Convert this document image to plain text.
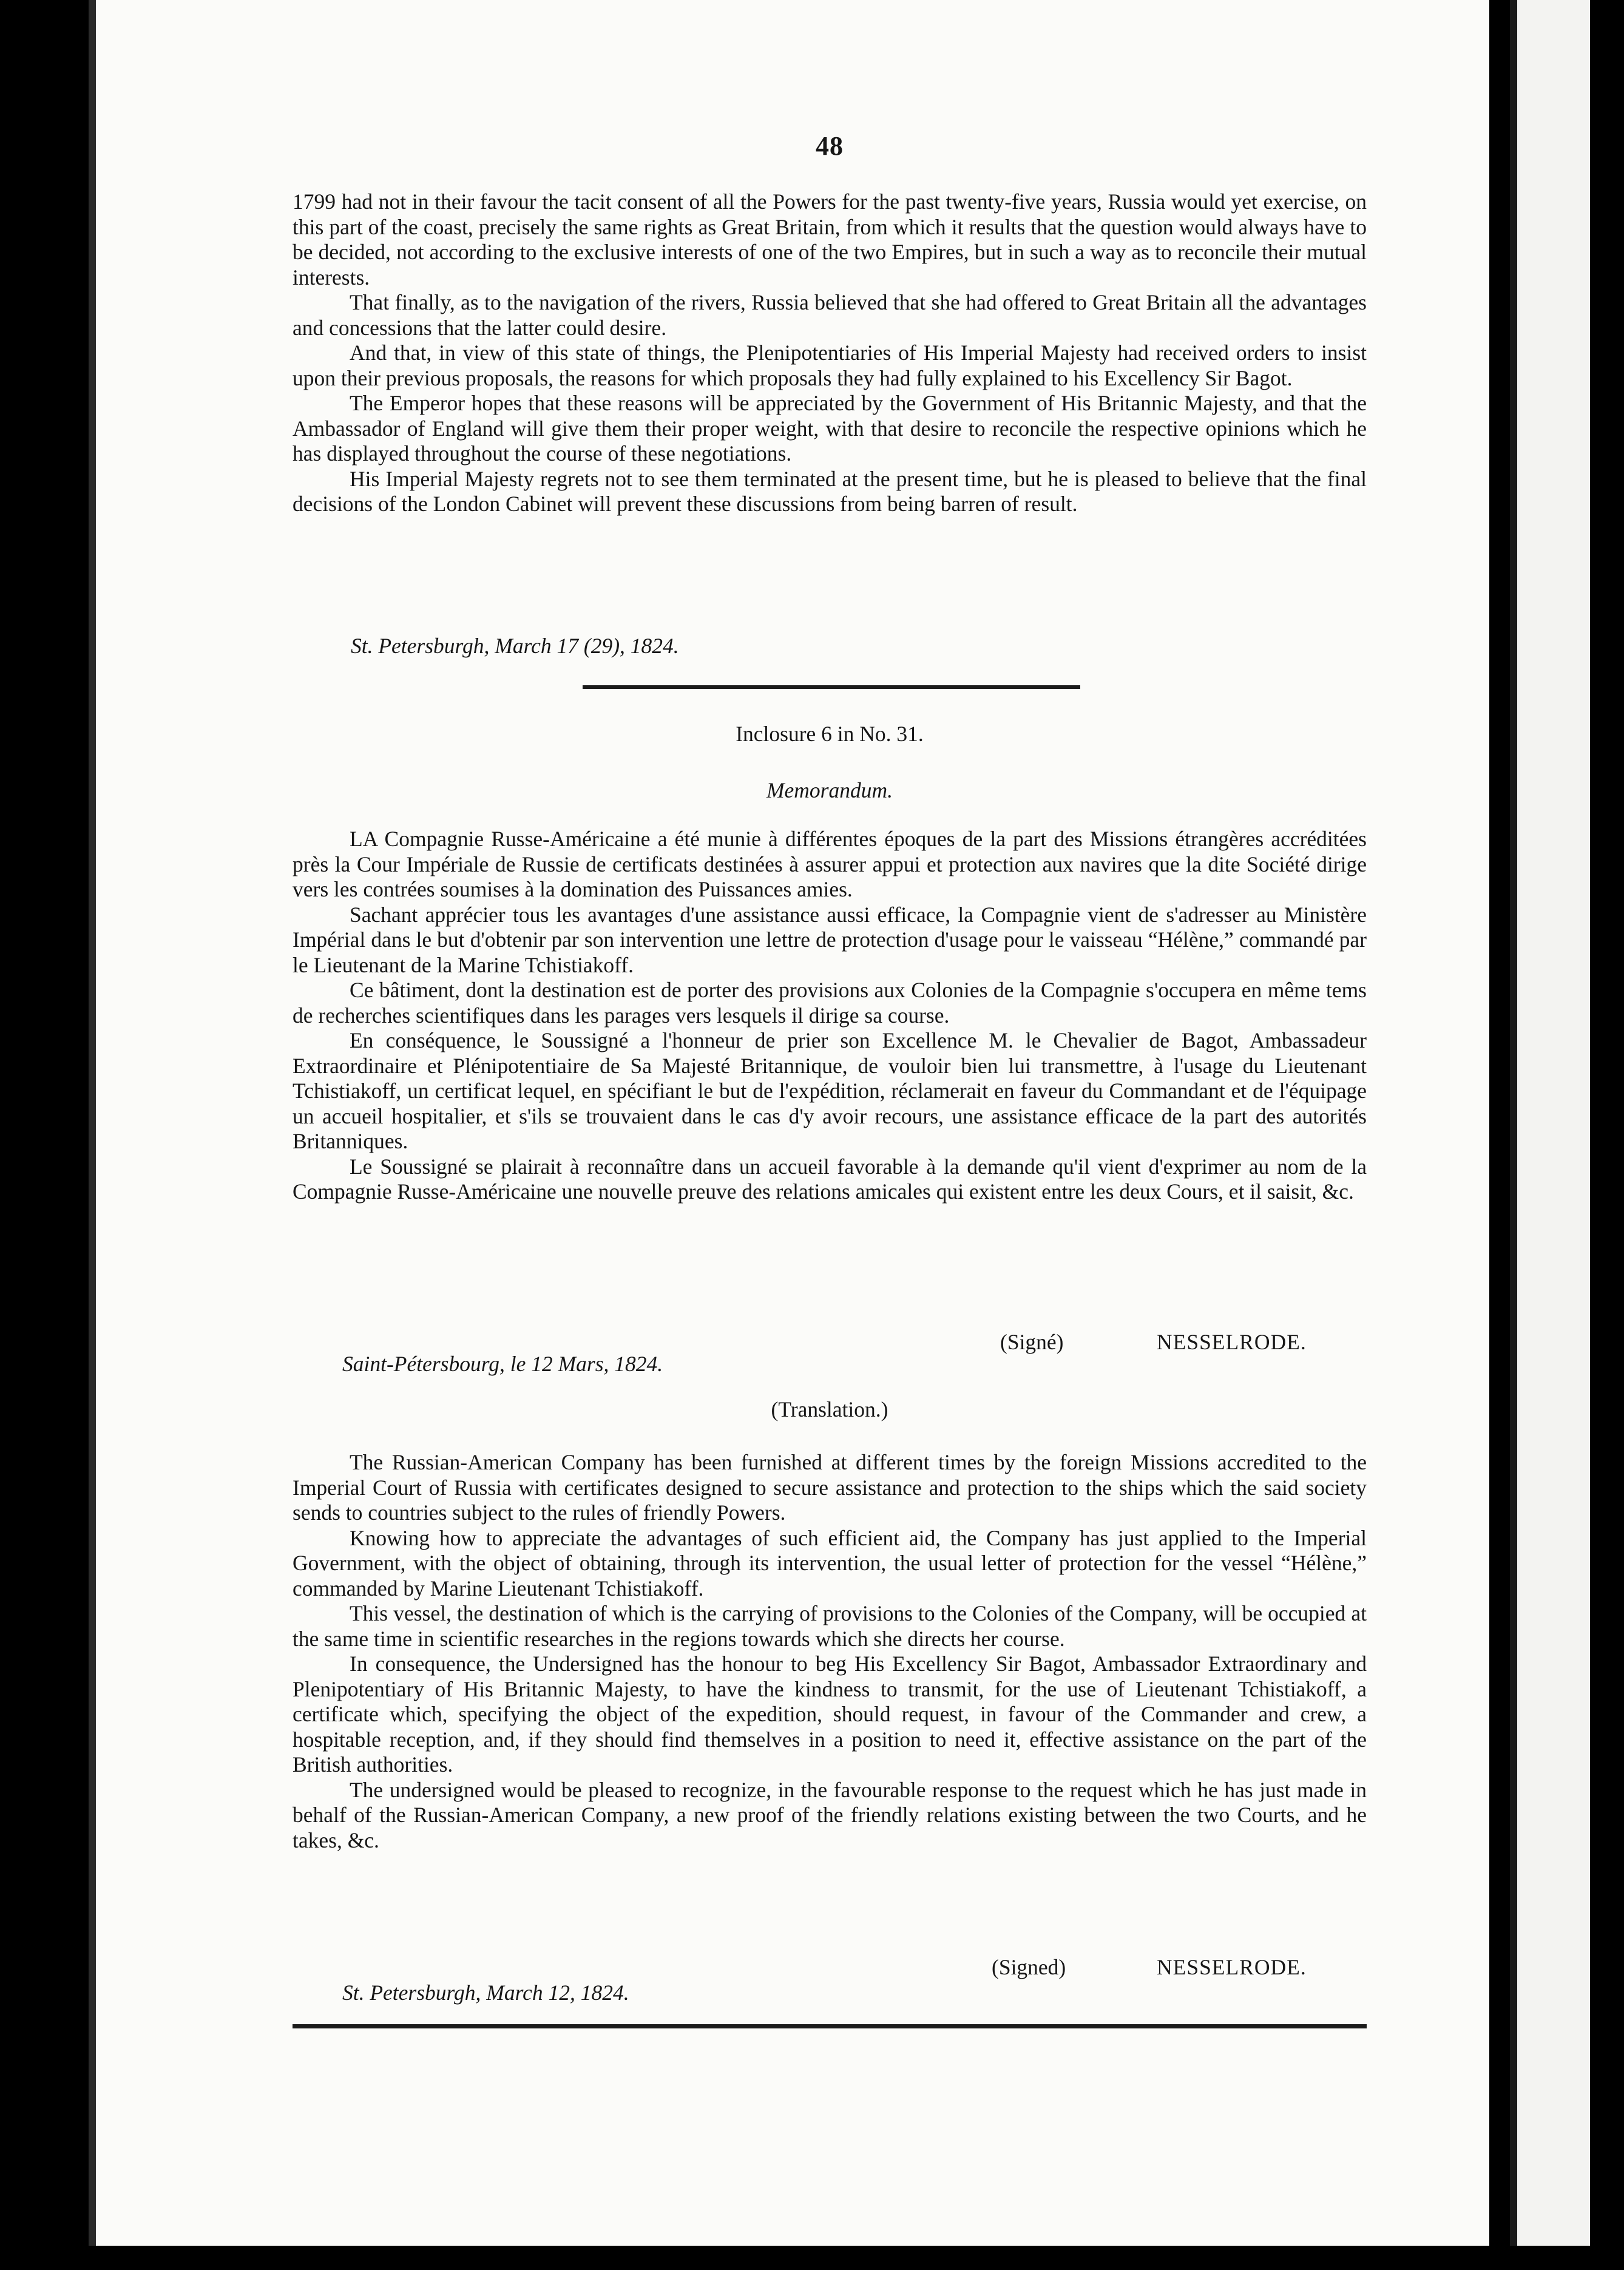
48

1799 had not in their favour the tacit consent of all the Powers for the past twenty-five years, Russia would yet exercise, on this part of the coast, precisely the same rights as Great Britain, from which it results that the question would always have to be decided, not according to the exclusive interests of one of the two Empires, but in such a way as to reconcile their mutual interests.

That finally, as to the navigation of the rivers, Russia believed that she had offered to Great Britain all the advantages and concessions that the latter could desire.

And that, in view of this state of things, the Plenipotentiaries of His Imperial Majesty had received orders to insist upon their previous proposals, the reasons for which proposals they had fully explained to his Excellency Sir Bagot.

The Emperor hopes that these reasons will be appreciated by the Government of His Britannic Majesty, and that the Ambassador of England will give them their proper weight, with that desire to reconcile the respective opinions which he has displayed throughout the course of these negotiations.

His Imperial Majesty regrets not to see them terminated at the present time, but he is pleased to believe that the final decisions of the London Cabinet will prevent these discussions from being barren of result.

St. Petersburgh, March 17 (29), 1824.

Inclosure 6 in No. 31.
Memorandum.

LA Compagnie Russe-Américaine a été munie à différentes époques de la part des Missions étrangères accréditées près la Cour Impériale de Russie de certificats destinées à assurer appui et protection aux navires que la dite Société dirige vers les contrées soumises à la domination des Puissances amies.

Sachant apprécier tous les avantages d'une assistance aussi efficace, la Compagnie vient de s'adresser au Ministère Impérial dans le but d'obtenir par son intervention une lettre de protection d'usage pour le vaisseau “Hélène,” commandé par le Lieutenant de la Marine Tchistiakoff.

Ce bâtiment, dont la destination est de porter des provisions aux Colonies de la Compagnie s'occupera en même tems de recherches scientifiques dans les parages vers lesquels il dirige sa course.

En conséquence, le Soussigné a l'honneur de prier son Excellence M. le Chevalier de Bagot, Ambassadeur Extraordinaire et Plénipotentiaire de Sa Majesté Britannique, de vouloir bien lui transmettre, à l'usage du Lieutenant Tchistiakoff, un certificat lequel, en spécifiant le but de l'expédition, réclamerait en faveur du Commandant et de l'équipage un accueil hospitalier, et s'ils se trouvaient dans le cas d'y avoir recours, une assistance efficace de la part des autorités Britanniques.

Le Soussigné se plairait à reconnaître dans un accueil favorable à la demande qu'il vient d'exprimer au nom de la Compagnie Russe-Américaine une nouvelle preuve des relations amicales qui existent entre les deux Cours, et il saisit, &c.

(Signé)	NESSELRODE.

Saint-Pétersbourg, le 12 Mars, 1824.

(Translation.)

The Russian-American Company has been furnished at different times by the foreign Missions accredited to the Imperial Court of Russia with certificates designed to secure assistance and protection to the ships which the said society sends to countries subject to the rules of friendly Powers.

Knowing how to appreciate the advantages of such efficient aid, the Company has just applied to the Imperial Government, with the object of obtaining, through its intervention, the usual letter of protection for the vessel “Hélène,” commanded by Marine Lieutenant Tchistiakoff.

This vessel, the destination of which is the carrying of provisions to the Colonies of the Company, will be occupied at the same time in scientific researches in the regions towards which she directs her course.

In consequence, the Undersigned has the honour to beg His Excellency Sir Bagot, Ambassador Extraordinary and Plenipotentiary of His Britannic Majesty, to have the kindness to transmit, for the use of Lieutenant Tchistiakoff, a certificate which, specifying the object of the expedition, should request, in favour of the Commander and crew, a hospitable reception, and, if they should find themselves in a position to need it, effective assistance on the part of the British authorities.

The undersigned would be pleased to recognize, in the favourable response to the request which he has just made in behalf of the Russian-American Company, a new proof of the friendly relations existing between the two Courts, and he takes, &c.

(Signed)	NESSELRODE.

St. Petersburgh, March 12, 1824.
